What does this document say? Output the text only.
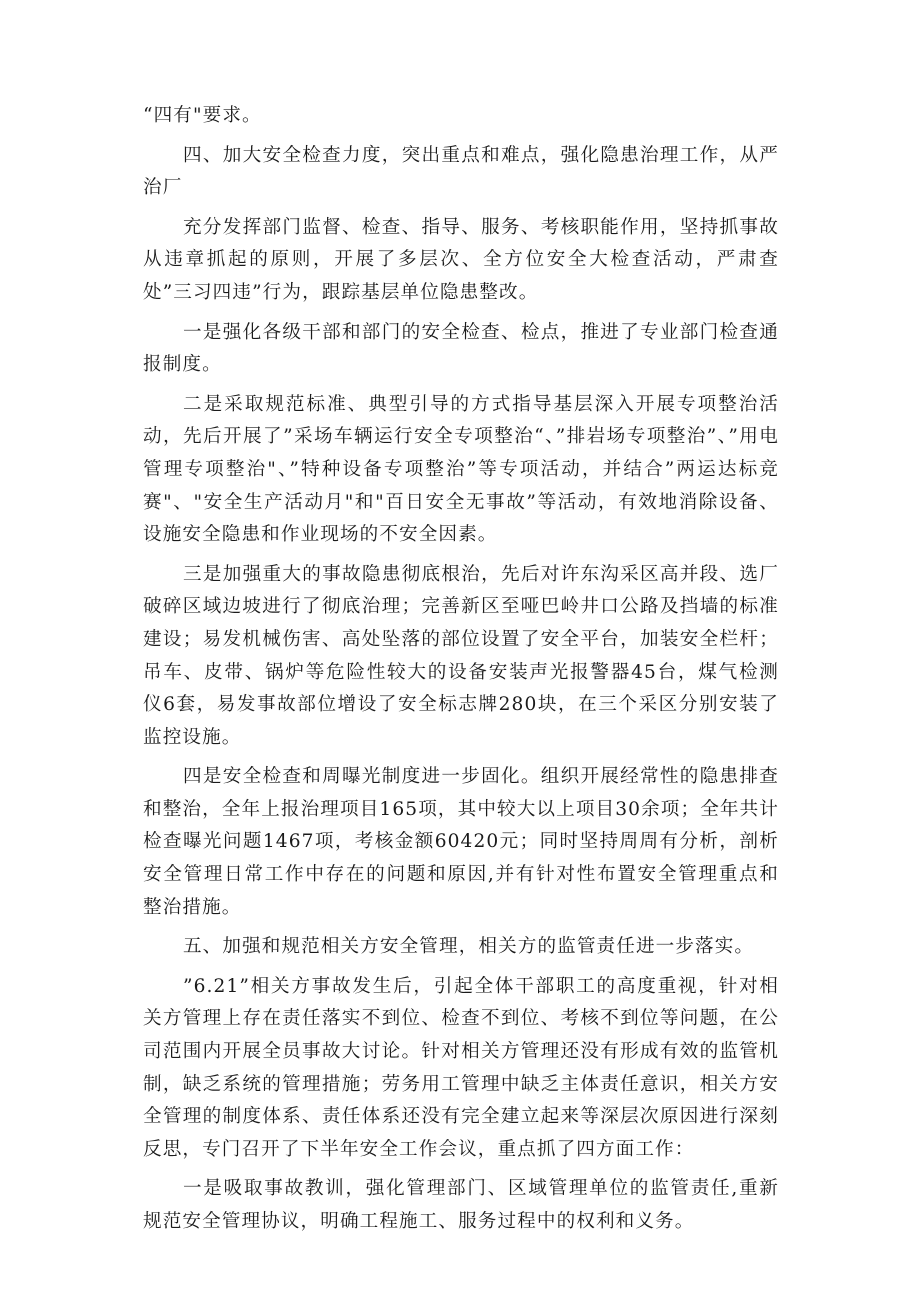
“四有"要求。

四、加大安全检查力度，突出重点和难点，强化隐患治理工作，从严治厂

充分发挥部门监督、检查、指导、服务、考核职能作用，坚持抓事故从违章抓起的原则，开展了多层次、全方位安全大检查活动，严肃查处”三习四违”行为，跟踪基层单位隐患整改。

一是强化各级干部和部门的安全检查、检点，推进了专业部门检查通报制度。

二是采取规范标准、典型引导的方式指导基层深入开展专项整治活动，先后开展了”采场车辆运行安全专项整治“、”排岩场专项整治”、”用电管理专项整治"、”特种设备专项整治”等专项活动，并结合”两运达标竞赛"、"安全生产活动月"和"百日安全无事故”等活动，有效地消除设备、设施安全隐患和作业现场的不安全因素。

三是加强重大的事故隐患彻底根治，先后对许东沟采区高并段、选厂破碎区域边坡进行了彻底治理；完善新区至哑巴岭井口公路及挡墙的标准建设；易发机械伤害、高处坠落的部位设置了安全平台，加装安全栏杆；吊车、皮带、锅炉等危险性较大的设备安装声光报警器45台，煤气检测仪6套，易发事故部位增设了安全标志牌280块，在三个采区分别安装了监控设施。

四是安全检查和周曝光制度进一步固化。组织开展经常性的隐患排查和整治，全年上报治理项目165项，其中较大以上项目30余项；全年共计检查曝光问题1467项，考核金额60420元；同时坚持周周有分析，剖析安全管理日常工作中存在的问题和原因,并有针对性布置安全管理重点和整治措施。

五、加强和规范相关方安全管理，相关方的监管责任进一步落实。

”6.21”相关方事故发生后，引起全体干部职工的高度重视，针对相关方管理上存在责任落实不到位、检查不到位、考核不到位等问题，在公司范围内开展全员事故大讨论。针对相关方管理还没有形成有效的监管机制，缺乏系统的管理措施；劳务用工管理中缺乏主体责任意识，相关方安全管理的制度体系、责任体系还没有完全建立起来等深层次原因进行深刻反思，专门召开了下半年安全工作会议，重点抓了四方面工作：

一是吸取事故教训，强化管理部门、区域管理单位的监管责任,重新规范安全管理协议，明确工程施工、服务过程中的权利和义务。
